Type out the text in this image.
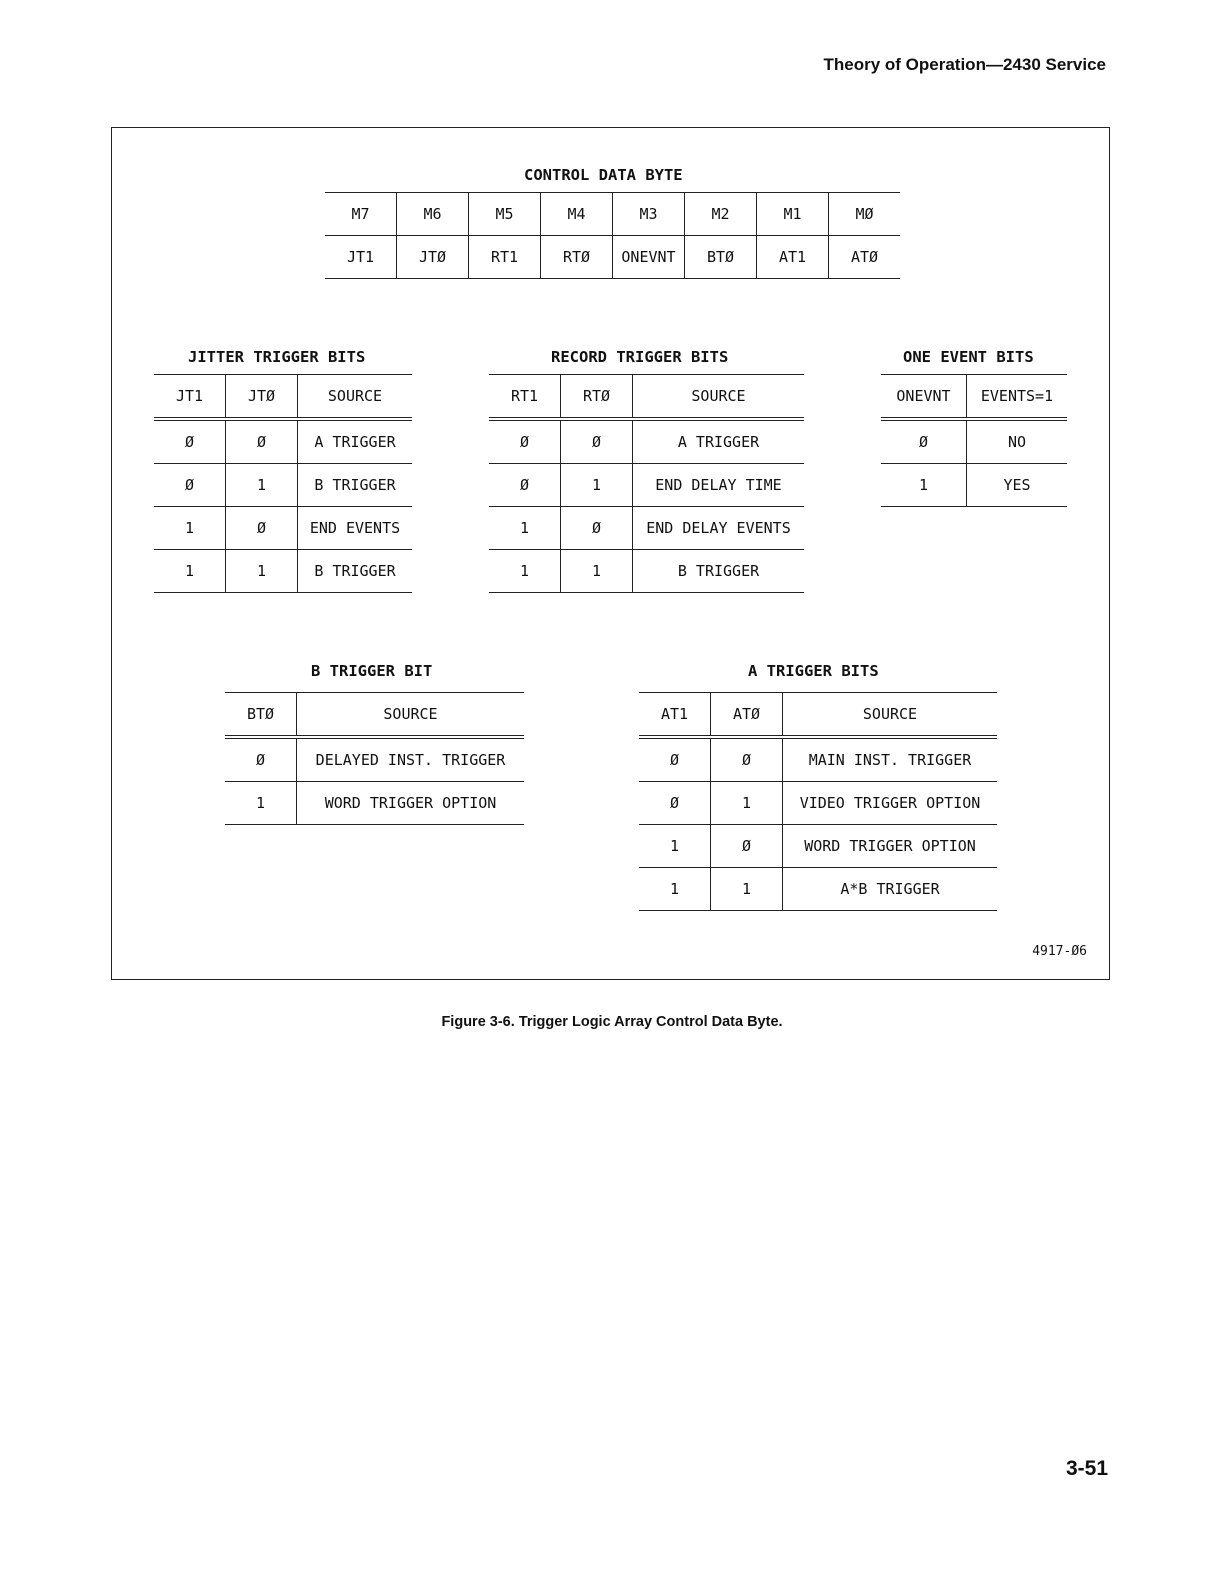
Theory of Operation—2430 Service
CONTROL DATA BYTE
M7	M6	M5	M4	M3	M2	M1	MØ
JT1	JTØ	RT1	RTØ	ONEVNT	BTØ	AT1	ATØ
JITTER TRIGGER BITS
JT1	JTØ	SOURCE
Ø	Ø	A TRIGGER
Ø	1	B TRIGGER
1	Ø	END EVENTS
1	1	B TRIGGER
RECORD TRIGGER BITS
RT1	RTØ	SOURCE
Ø	Ø	A TRIGGER
Ø	1	END DELAY TIME
1	Ø	END DELAY EVENTS
1	1	B TRIGGER
ONE EVENT BITS
ONEVNT	EVENTS=1
Ø	NO
1	YES
B TRIGGER BIT
BTØ	SOURCE
Ø	DELAYED INST. TRIGGER
1	WORD TRIGGER OPTION
A TRIGGER BITS
AT1	ATØ	SOURCE
Ø	Ø	MAIN INST. TRIGGER
Ø	1	VIDEO TRIGGER OPTION
1	Ø	WORD TRIGGER OPTION
1	1	A*B TRIGGER
4917-Ø6
Figure 3-6. Trigger Logic Array Control Data Byte.
3-51
